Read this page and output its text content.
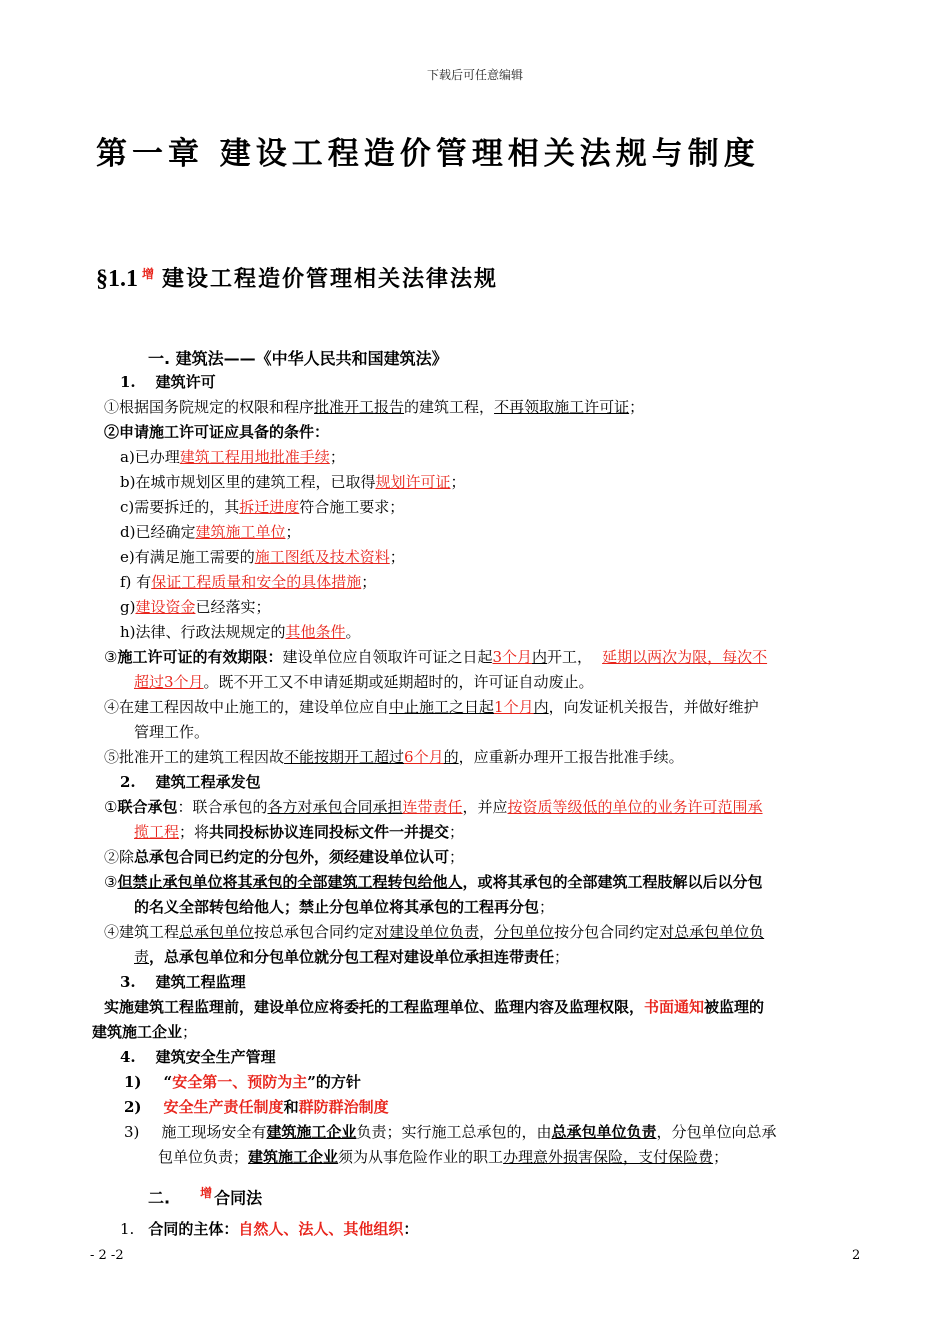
下载后可任意编辑
第一章 建设工程造价管理相关法规与制度
§1.1 $^增$ 建设工程造价管理相关法律法规
一. 建筑法——《中华人民共和国建筑法》
1. 建筑许可
①根据国务院规定的权限和程序批准开工报告的建筑工程，不再领取施工许可证；
②申请施工许可证应具备的条件：
a)已办理建筑工程用地批准手续；
b)在城市规划区里的建筑工程，已取得规划许可证；
c)需要拆迁的，其拆迁进度符合施工要求；
d)已经确定建筑施工单位；
e)有满足施工需要的施工图纸及技术资料；
f) 有保证工程质量和安全的具体措施；
g)建设资金已经落实；
h)法律、行政法规规定的其他条件。
③施工许可证的有效期限：建设单位应自领取许可证之日起3个月内开工， 延期以两次为限，每次不
超过3个月。既不开工又不申请延期或延期超时的，许可证自动废止。
④在建工程因故中止施工的，建设单位应自中止施工之日起1个月内，向发证机关报告，并做好维护
管理工作。
⑤批准开工的建筑工程因故不能按期开工超过6个月的，应重新办理开工报告批准手续。
2. 建筑工程承发包
①联合承包：联合承包的各方对承包合同承担连带责任，并应按资质等级低的单位的业务许可范围承
揽工程；将共同投标协议连同投标文件一并提交；
②除总承包合同已约定的分包外，须经建设单位认可；
③但禁止承包单位将其承包的全部建筑工程转包给他人，或将其承包的全部建筑工程肢解以后以分包
的名义全部转包给他人；禁止分包单位将其承包的工程再分包；
④建筑工程总承包单位按总承包合同约定对建设单位负责，分包单位按分包合同约定对总承包单位负
责，总承包单位和分包单位就分包工程对建设单位承担连带责任；
3. 建筑工程监理
实施建筑工程监理前，建设单位应将委托的工程监理单位、监理内容及监理权限，书面通知被监理的
建筑施工企业；
4. 建筑安全生产管理
1) “安全第一、预防为主”的方针
2) 安全生产责任制度和群防群治制度
3) 施工现场安全有建筑施工企业负责；实行施工总承包的，由总承包单位负责，分包单位向总承
包单位负责；建筑施工企业须为从事危险作业的职工办理意外损害保险，支付保险费；
二.	$^增$ 合同法
1. 合同的主体：自然人、法人、其他组织：
- 2 -2	2
